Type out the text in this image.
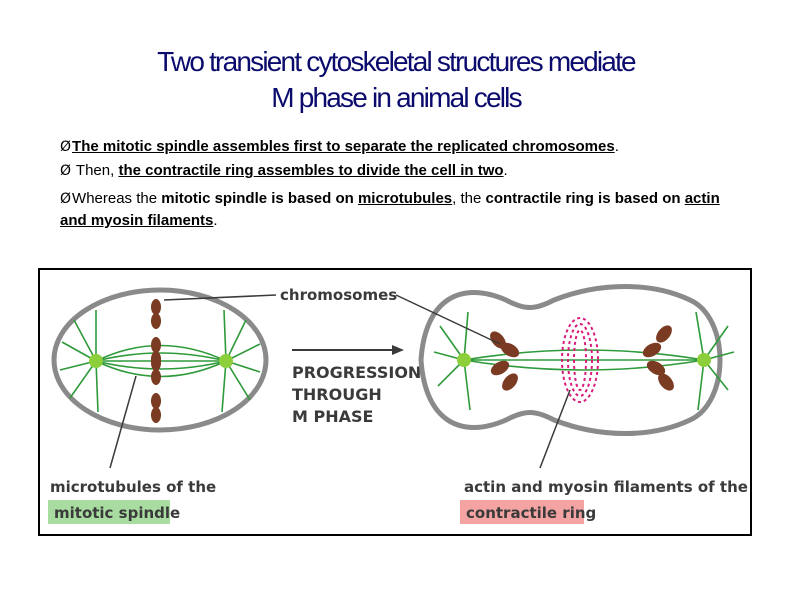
Two transient cytoskeletal structures mediate
M phase in animal cells

ØThe mitotic spindle assembles first to separate the replicated chromosomes.

Ø Then, the contractile ring assembles to divide the cell in two.

ØWhereas the mitotic spindle is based on microtubules, the contractile ring is based on actin and myosin filaments.

PROGRESSION
THROUGH
M PHASE
chromosomes
microtubules of the
mitotic spindle
actin and myosin filaments of the
contractile ring
